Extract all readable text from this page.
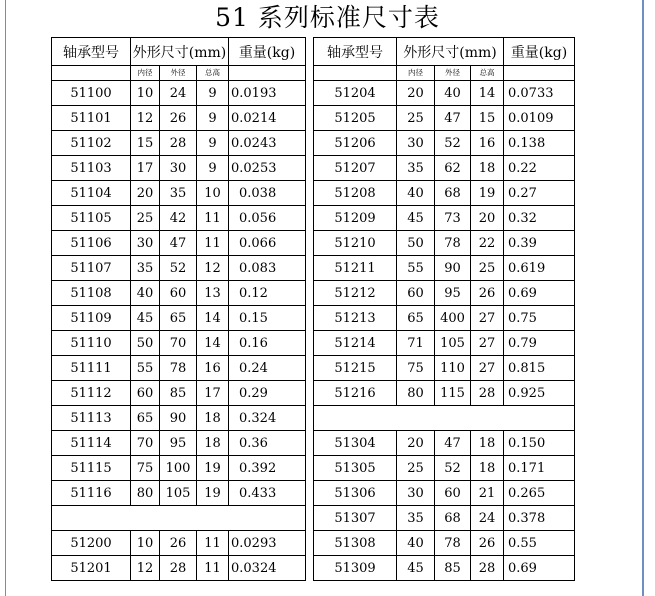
51 系列标准尺寸表
轴承型号	外形尺寸(mm)			重量(kg)		轴承型号	外形尺寸(mm)			重量(kg)
	内径	外径	总高				内径	外径	总高	
51100	10	24	9	0.0193		51204	20	40	14	0.0733
51101	12	26	9	0.0214		51205	25	47	15	0.0109
51102	15	28	9	0.0243		51206	30	52	16	0.138
51103	17	30	9	0.0253		51207	35	62	18	0.22
51104	20	35	10	0.038		51208	40	68	19	0.27
51105	25	42	11	0.056		51209	45	73	20	0.32
51106	30	47	11	0.066		51210	50	78	22	0.39
51107	35	52	12	0.083		51211	55	90	25	0.619
51108	40	60	13	0.12		51212	60	95	26	0.69
51109	45	65	14	0.15		51213	65	400	27	0.75
51110	50	70	14	0.16		51214	71	105	27	0.79
51111	55	78	16	0.24		51215	75	110	27	0.815
51112	60	85	17	0.29		51216	80	115	28	0.925
51113	65	90	18	0.324						
51114	70	95	18	0.36		51304	20	47	18	0.150
51115	75	100	19	0.392		51305	25	52	18	0.171
51116	80	105	19	0.433		51306	30	60	21	0.265
						51307	35	68	24	0.378
51200	10	26	11	0.0293		51308	40	78	26	0.55
51201	12	28	11	0.0324		51309	45	85	28	0.69
